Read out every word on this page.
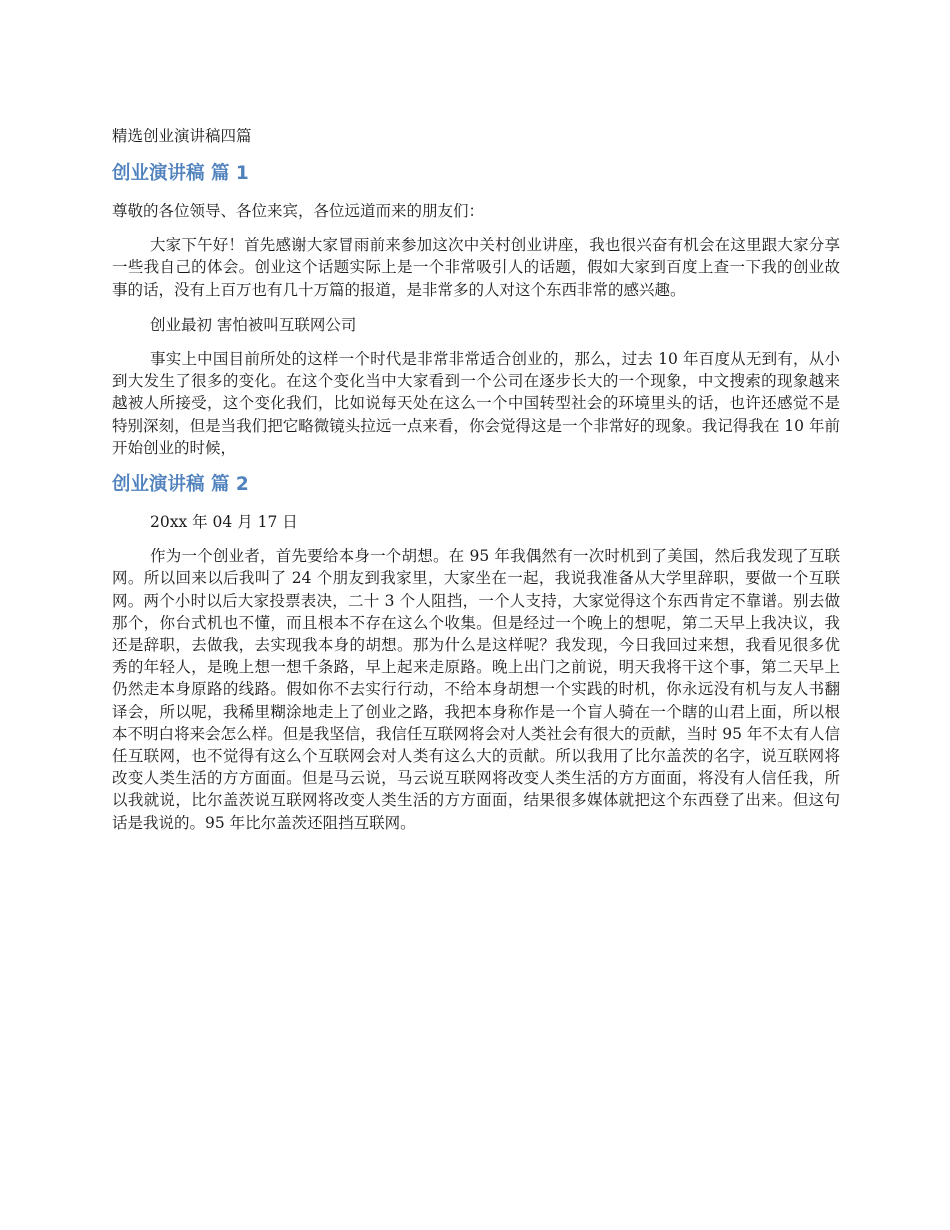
精选创业演讲稿四篇
创业演讲稿 篇 1

尊敬的各位领导、各位来宾，各位远道而来的朋友们：

大家下午好！首先感谢大家冒雨前来参加这次中关村创业讲座，我也很兴奋有机会在这里跟大家分享一些我自己的体会。创业这个话题实际上是一个非常吸引人的话题，假如大家到百度上查一下我的创业故事的话，没有上百万也有几十万篇的报道，是非常多的人对这个东西非常的感兴趣。

创业最初 害怕被叫互联网公司

事实上中国目前所处的这样一个时代是非常非常适合创业的，那么，过去 10 年百度从无到有，从小到大发生了很多的变化。在这个变化当中大家看到一个公司在逐步长大的一个现象，中文搜索的现象越来越被人所接受，这个变化我们，比如说每天处在这么一个中国转型社会的环境里头的话，也许还感觉不是特别深刻，但是当我们把它略微镜头拉远一点来看，你会觉得这是一个非常好的现象。我记得我在 10 年前开始创业的时候，

创业演讲稿 篇 2

20xx 年 04 月 17 日

作为一个创业者，首先要给本身一个胡想。在 95 年我偶然有一次时机到了美国，然后我发现了互联网。所以回来以后我叫了 24 个朋友到我家里，大家坐在一起，我说我准备从大学里辞职，要做一个互联网。两个小时以后大家投票表决，二十 3 个人阻挡，一个人支持，大家觉得这个东西肯定不靠谱。别去做那个，你台式机也不懂，而且根本不存在这么个收集。但是经过一个晚上的想呢，第二天早上我决议，我还是辞职，去做我，去实现我本身的胡想。那为什么是这样呢？我发现，今日我回过来想，我看见很多优秀的年轻人，是晚上想一想千条路，早上起来走原路。晚上出门之前说，明天我将干这个事，第二天早上仍然走本身原路的线路。假如你不去实行行动，不给本身胡想一个实践的时机，你永远没有机与友人书翻译会，所以呢，我稀里糊涂地走上了创业之路，我把本身称作是一个盲人骑在一个瞎的山君上面，所以根本不明白将来会怎么样。但是我坚信，我信任互联网将会对人类社会有很大的贡献，当时 95 年不太有人信任互联网，也不觉得有这么个互联网会对人类有这么大的贡献。所以我用了比尔盖茨的名字，说互联网将改变人类生活的方方面面。但是马云说，马云说互联网将改变人类生活的方方面面，将没有人信任我，所以我就说，比尔盖茨说互联网将改变人类生活的方方面面，结果很多媒体就把这个东西登了出来。但这句话是我说的。95 年比尔盖茨还阻挡互联网。
